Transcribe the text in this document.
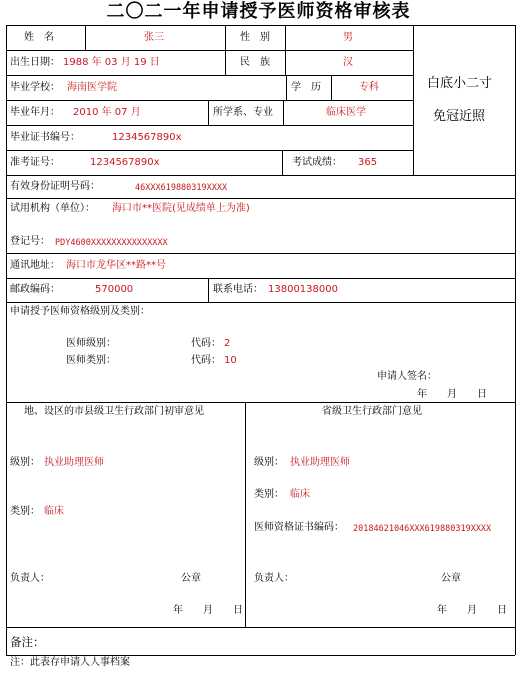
二〇二一年申请授予医师资格审核表
姓　名	张三	性　别	男
出生日期： 1988 年 03 月 19 日	民　族	汉
毕业学校： 海南医学院	学　历	专科
毕业年月： 2010 年 07 月	所学系、专业	临床医学
毕业证书编号：	1234567890x
准考证号：	1234567890x	考试成绩： 365
白底小二寸
免冠近照
有效身份证明号码：	46XXX619880319XXXX
试用机构（单位）： 海口市**医院(见成绩单上为准)
登记号： PDY4600XXXXXXXXXXXXXXX
通讯地址： 海口市龙华区**路**号
邮政编码：	570000	联系电话： 13800138000
申请授予医师资格级别及类别：
医师级别：	代码： 2
医师类别：	代码： 10
申请人签名：
年　　月　　日
地、设区的市县级卫生行政部门初审意见
级别： 执业助理医师
类别： 临床
负责人：	公章
年　　月　　日
省级卫生行政部门意见
级别： 执业助理医师
类别： 临床
医师资格证书编码： 20184621046XXX619880319XXXX
负责人：	公章
年　　月　　日
备注：
注：此表存申请人人事档案
